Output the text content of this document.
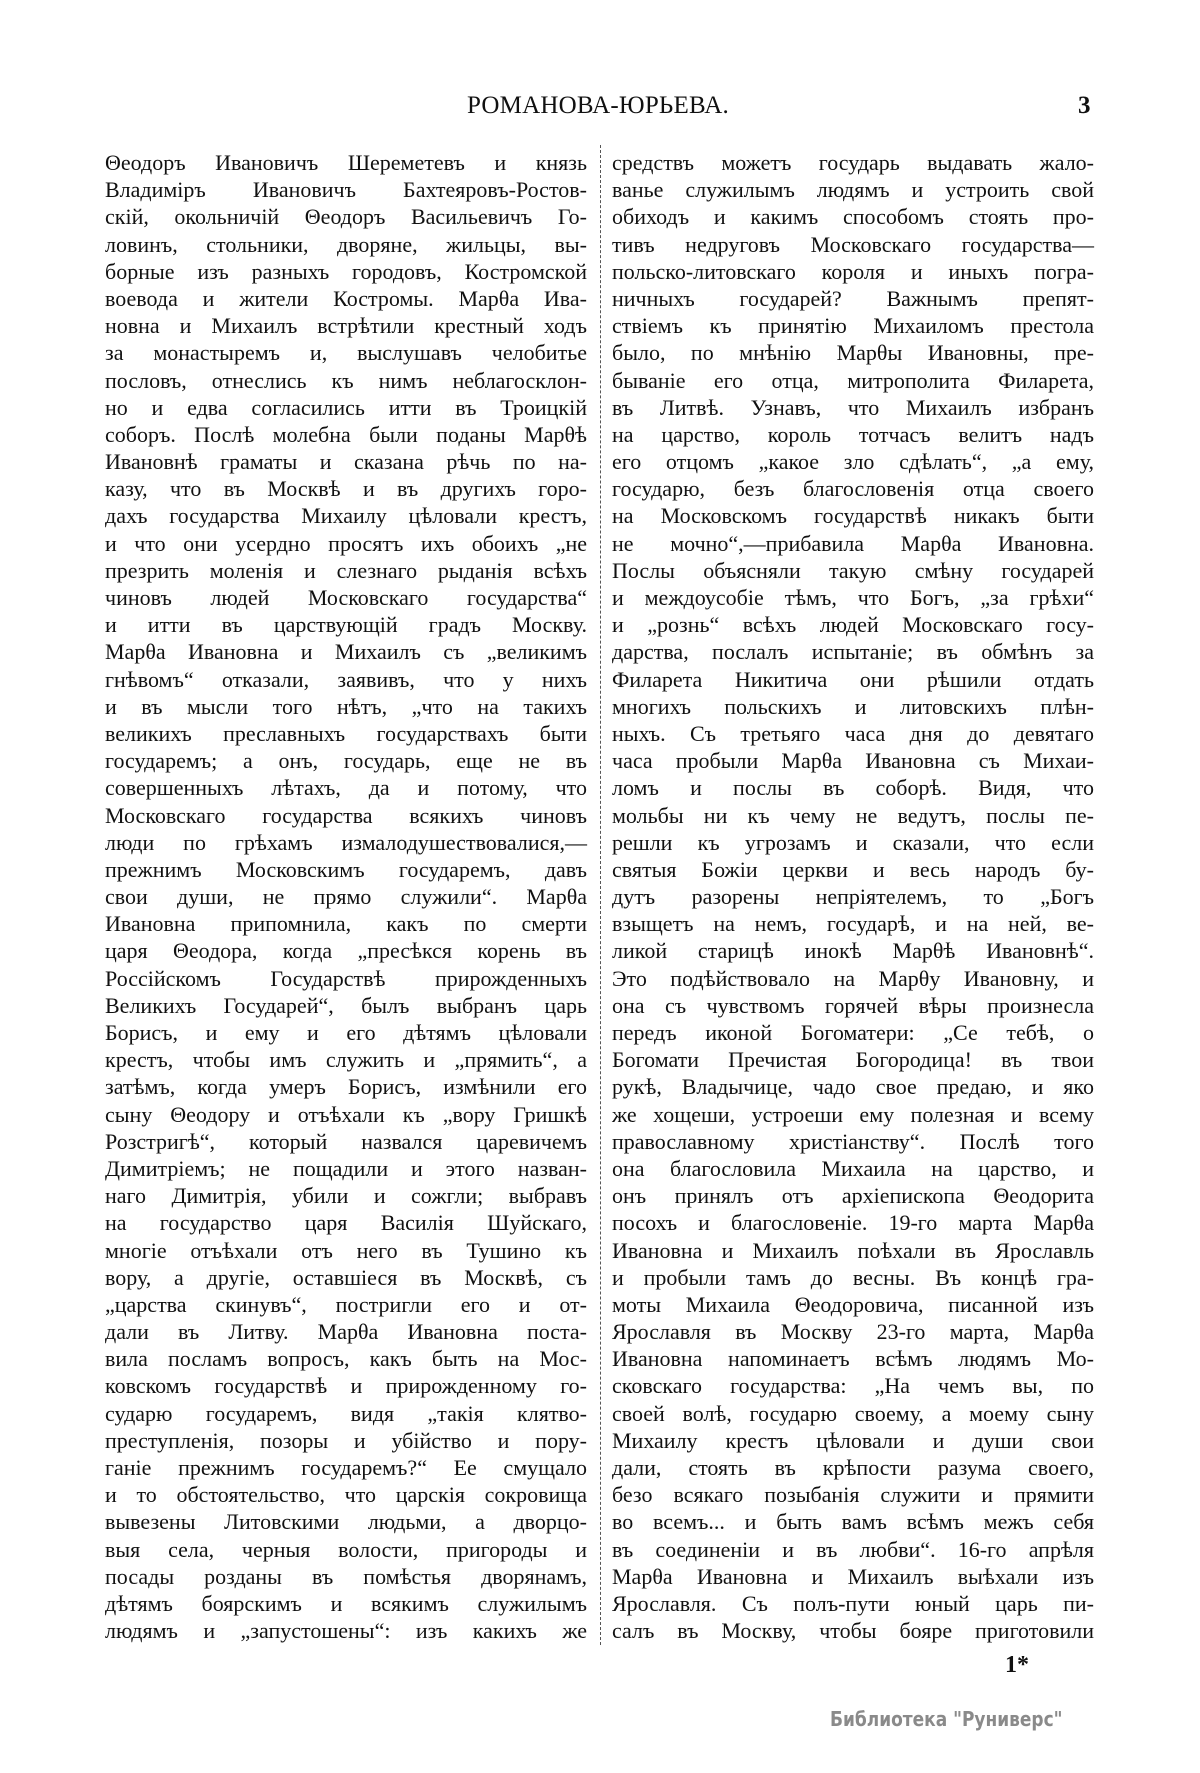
РОМАНОВА-ЮРЬЕВА.	3
Θеодоръ Ивановичъ Шереметевъ и князь
Владиміръ Ивановичъ Бахтеяровъ-Ростов-
скій, окольничій Θеодоръ Васильевичъ Го-
ловинъ, стольники, дворяне, жильцы, вы-
борные изъ разныхъ городовъ, Костромской
воевода и жители Костромы. Марθа Ива-
новна и Михаилъ встрѣтили крестный ходъ
за монастыремъ и, выслушавъ челобитье
пословъ, отнеслись къ нимъ неблагосклон-
но и едва согласились итти въ Троицкій
соборъ. Послѣ молебна были поданы Марθѣ
Ивановнѣ граматы и сказана рѣчь по на-
казу, что въ Москвѣ и въ другихъ горо-
дахъ государства Михаилу цѣловали крестъ,
и что они усердно просятъ ихъ обоихъ „не
презрить моленія и слезнаго рыданія всѣхъ
чиновъ людей Московскаго государства“
и итти въ царствующій градъ Москву.
Марθа Ивановна и Михаилъ съ „великимъ
гнѣвомъ“ отказали, заявивъ, что у нихъ
и въ мысли того нѣтъ, „что на такихъ
великихъ преславныхъ государствахъ быти
государемъ; а онъ, государь, еще не въ
совершенныхъ лѣтахъ, да и потому, что
Московскаго государства всякихъ чиновъ
люди по грѣхамъ измалодушествовалися,—
прежнимъ Московскимъ государемъ, давъ
свои души, не прямо служили“. Марθа
Ивановна припомнила, какъ по смерти
царя Θеодора, когда „пресѣкся корень въ
Россійскомъ Государствѣ прирожденныхъ
Великихъ Государей“, былъ выбранъ царь
Борисъ, и ему и его дѣтямъ цѣловали
крестъ, чтобы имъ служить и „прямить“, а
затѣмъ, когда умеръ Борисъ, измѣнили его
сыну Θеодору и отъѣхали къ „вору Гришкѣ
Розстригѣ“, который назвался царевичемъ
Димитріемъ; не пощадили и этого назван-
наго Димитрія, убили и сожгли; выбравъ
на государство царя Василія Шуйскаго,
многіе отъѣхали отъ него въ Тушино къ
вору, а другіе, оставшіеся въ Москвѣ, съ
„царства скинувъ“, постригли его и от-
дали въ Литву. Марθа Ивановна поста-
вила посламъ вопросъ, какъ быть на Мос-
ковскомъ государствѣ и прирожденному го-
сударю государемъ, видя „такія клятво-
преступленія, позоры и убійство и пору-
ганіе прежнимъ государемъ?“ Ее смущало
и то обстоятельство, что царскія сокровища
вывезены Литовскими людьми, а дворцо-
выя села, черныя волости, пригороды и
посады розданы въ помѣстья дворянамъ,
дѣтямъ боярскимъ и всякимъ служилымъ
людямъ и „запустошены“: изъ какихъ же
средствъ можетъ государь выдавать жало-
ванье служилымъ людямъ и устроить свой
обиходъ и какимъ способомъ стоять про-
тивъ недруговъ Московскаго государства—
польско-литовскаго короля и иныхъ погра-
ничныхъ государей? Важнымъ препят-
ствіемъ къ принятію Михаиломъ престола
было, по мнѣнію Марθы Ивановны, пре-
бываніе его отца, митрополита Филарета,
въ Литвѣ. Узнавъ, что Михаилъ избранъ
на царство, король тотчасъ велитъ надъ
его отцомъ „какое зло сдѣлать“, „а ему,
государю, безъ благословенія отца своего
на Московскомъ государствѣ никакъ быти
не мочно“,—прибавила Марθа Ивановна.
Послы объясняли такую смѣну государей
и междоусобіе тѣмъ, что Богъ, „за грѣхи“
и „рознь“ всѣхъ людей Московскаго госу-
дарства, послалъ испытаніе; въ обмѣнъ за
Филарета Никитича они рѣшили отдать
многихъ польскихъ и литовскихъ плѣн-
ныхъ. Съ третьяго часа дня до девятаго
часа пробыли Марθа Ивановна съ Михаи-
ломъ и послы въ соборѣ. Видя, что
мольбы ни къ чему не ведутъ, послы пе-
решли къ угрозамъ и сказали, что если
святыя Божіи церкви и весь народъ бу-
дутъ разорены непріятелемъ, то „Богъ
взыщетъ на немъ, государѣ, и на ней, ве-
ликой старицѣ инокѣ Марθѣ Ивановнѣ“.
Это подѣйствовало на Марθу Ивановну, и
она съ чувствомъ горячей вѣры произнесла
передъ иконой Богоматери: „Се тебѣ, о
Богомати Пречистая Богородица! въ твои
рукѣ, Владычице, чадо свое предаю, и яко
же хощеши, устроеши ему полезная и всему
православному христіанству“. Послѣ того
она благословила Михаила на царство, и
онъ принялъ отъ архіепископа Θеодорита
посохъ и благословеніе. 19-го марта Марθа
Ивановна и Михаилъ поѣхали въ Ярославль
и пробыли тамъ до весны. Въ концѣ гра-
моты Михаила Θеодоровича, писанной изъ
Ярославля въ Москву 23-го марта, Марθа
Ивановна напоминаетъ всѣмъ людямъ Мо-
сковскаго государства: „На чемъ вы, по
своей волѣ, государю своему, а моему сыну
Михаилу крестъ цѣловали и души свои
дали, стоять въ крѣпости разума своего,
безо всякаго позыбанія служити и прямити
во всемъ... и быть вамъ всѣмъ межъ себя
въ соединеніи и въ любви“. 16-го апрѣля
Марθа Ивановна и Михаилъ выѣхали изъ
Ярославля. Съ полъ-пути юный царь пи-
салъ въ Москву, чтобы бояре приготовили
1*
Библиотека "Руниверс"
